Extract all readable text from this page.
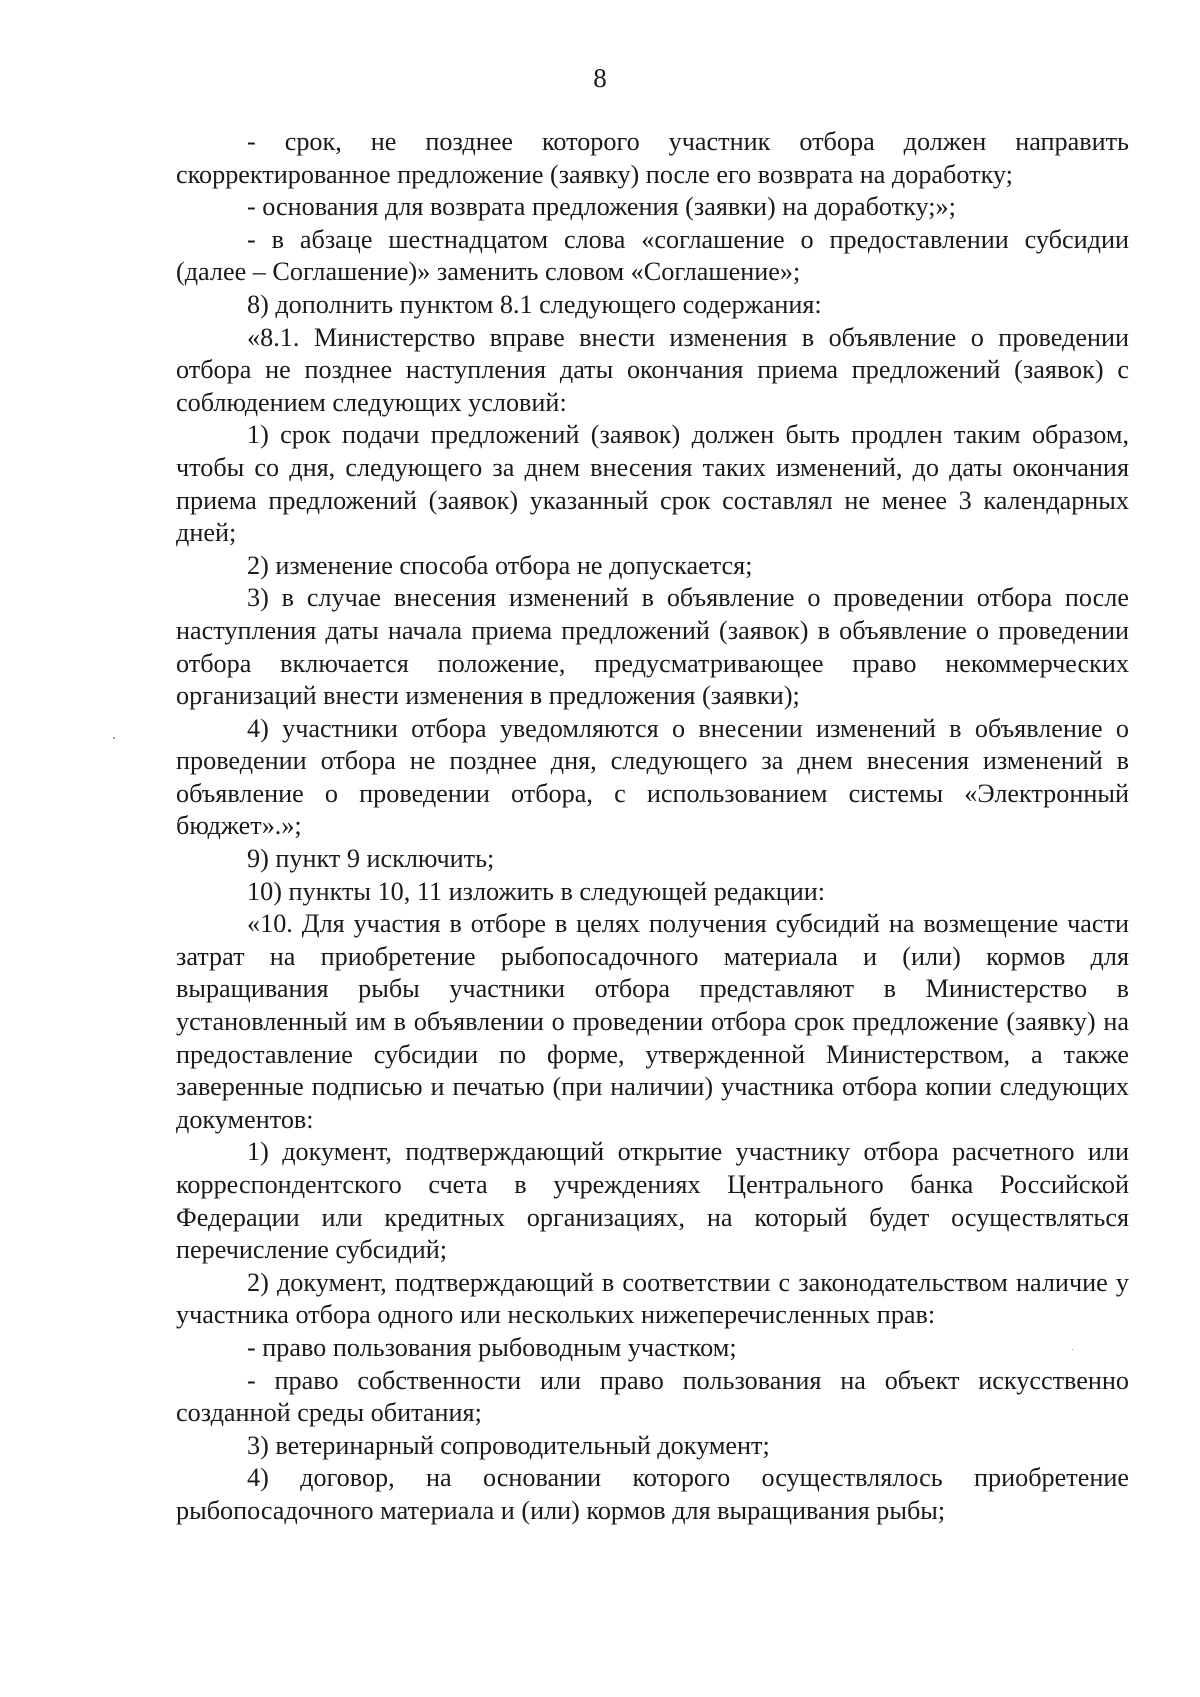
8

- срок, не позднее которого участник отбора должен направить скорректированное предложение (заявку) после его возврата на доработку;

- основания для возврата предложения (заявки) на доработку;»;

- в абзаце шестнадцатом слова «соглашение о предоставлении субсидии (далее – Соглашение)» заменить словом «Соглашение»;

8) дополнить пунктом 8.1 следующего содержания:

«8.1. Министерство вправе внести изменения в объявление о проведении отбора не позднее наступления даты окончания приема предложений (заявок) с соблюдением следующих условий:

1) срок подачи предложений (заявок) должен быть продлен таким образом, чтобы со дня, следующего за днем внесения таких изменений, до даты окончания приема предложений (заявок) указанный срок составлял не менее 3 календарных дней;

2) изменение способа отбора не допускается;

3) в случае внесения изменений в объявление о проведении отбора после наступления даты начала приема предложений (заявок) в объявление о проведении отбора включается положение, предусматривающее право некоммерческих организаций внести изменения в предложения (заявки);

4) участники отбора уведомляются о внесении изменений в объявление о проведении отбора не позднее дня, следующего за днем внесения изменений в объявление о проведении отбора, с использованием системы «Электронный бюджет».»;

9) пункт 9 исключить;

10) пункты 10, 11 изложить в следующей редакции:

«10. Для участия в отборе в целях получения субсидий на возмещение части затрат на приобретение рыбопосадочного материала и (или) кормов для выращивания рыбы участники отбора представляют в Министерство в установленный им в объявлении о проведении отбора срок предложение (заявку) на предоставление субсидии по форме, утвержденной Министерством, а также заверенные подписью и печатью (при наличии) участника отбора копии следующих документов:

1) документ, подтверждающий открытие участнику отбора расчетного или корреспондентского счета в учреждениях Центрального банка Российской Федерации или кредитных организациях, на который будет осуществляться перечисление субсидий;

2) документ, подтверждающий в соответствии с законодательством наличие у участника отбора одного или нескольких нижеперечисленных прав:

- право пользования рыбоводным участком;

- право собственности или право пользования на объект искусственно созданной среды обитания;

3) ветеринарный сопроводительный документ;

4) договор, на основании которого осуществлялось приобретение рыбопосадочного материала и (или) кормов для выращивания рыбы;
